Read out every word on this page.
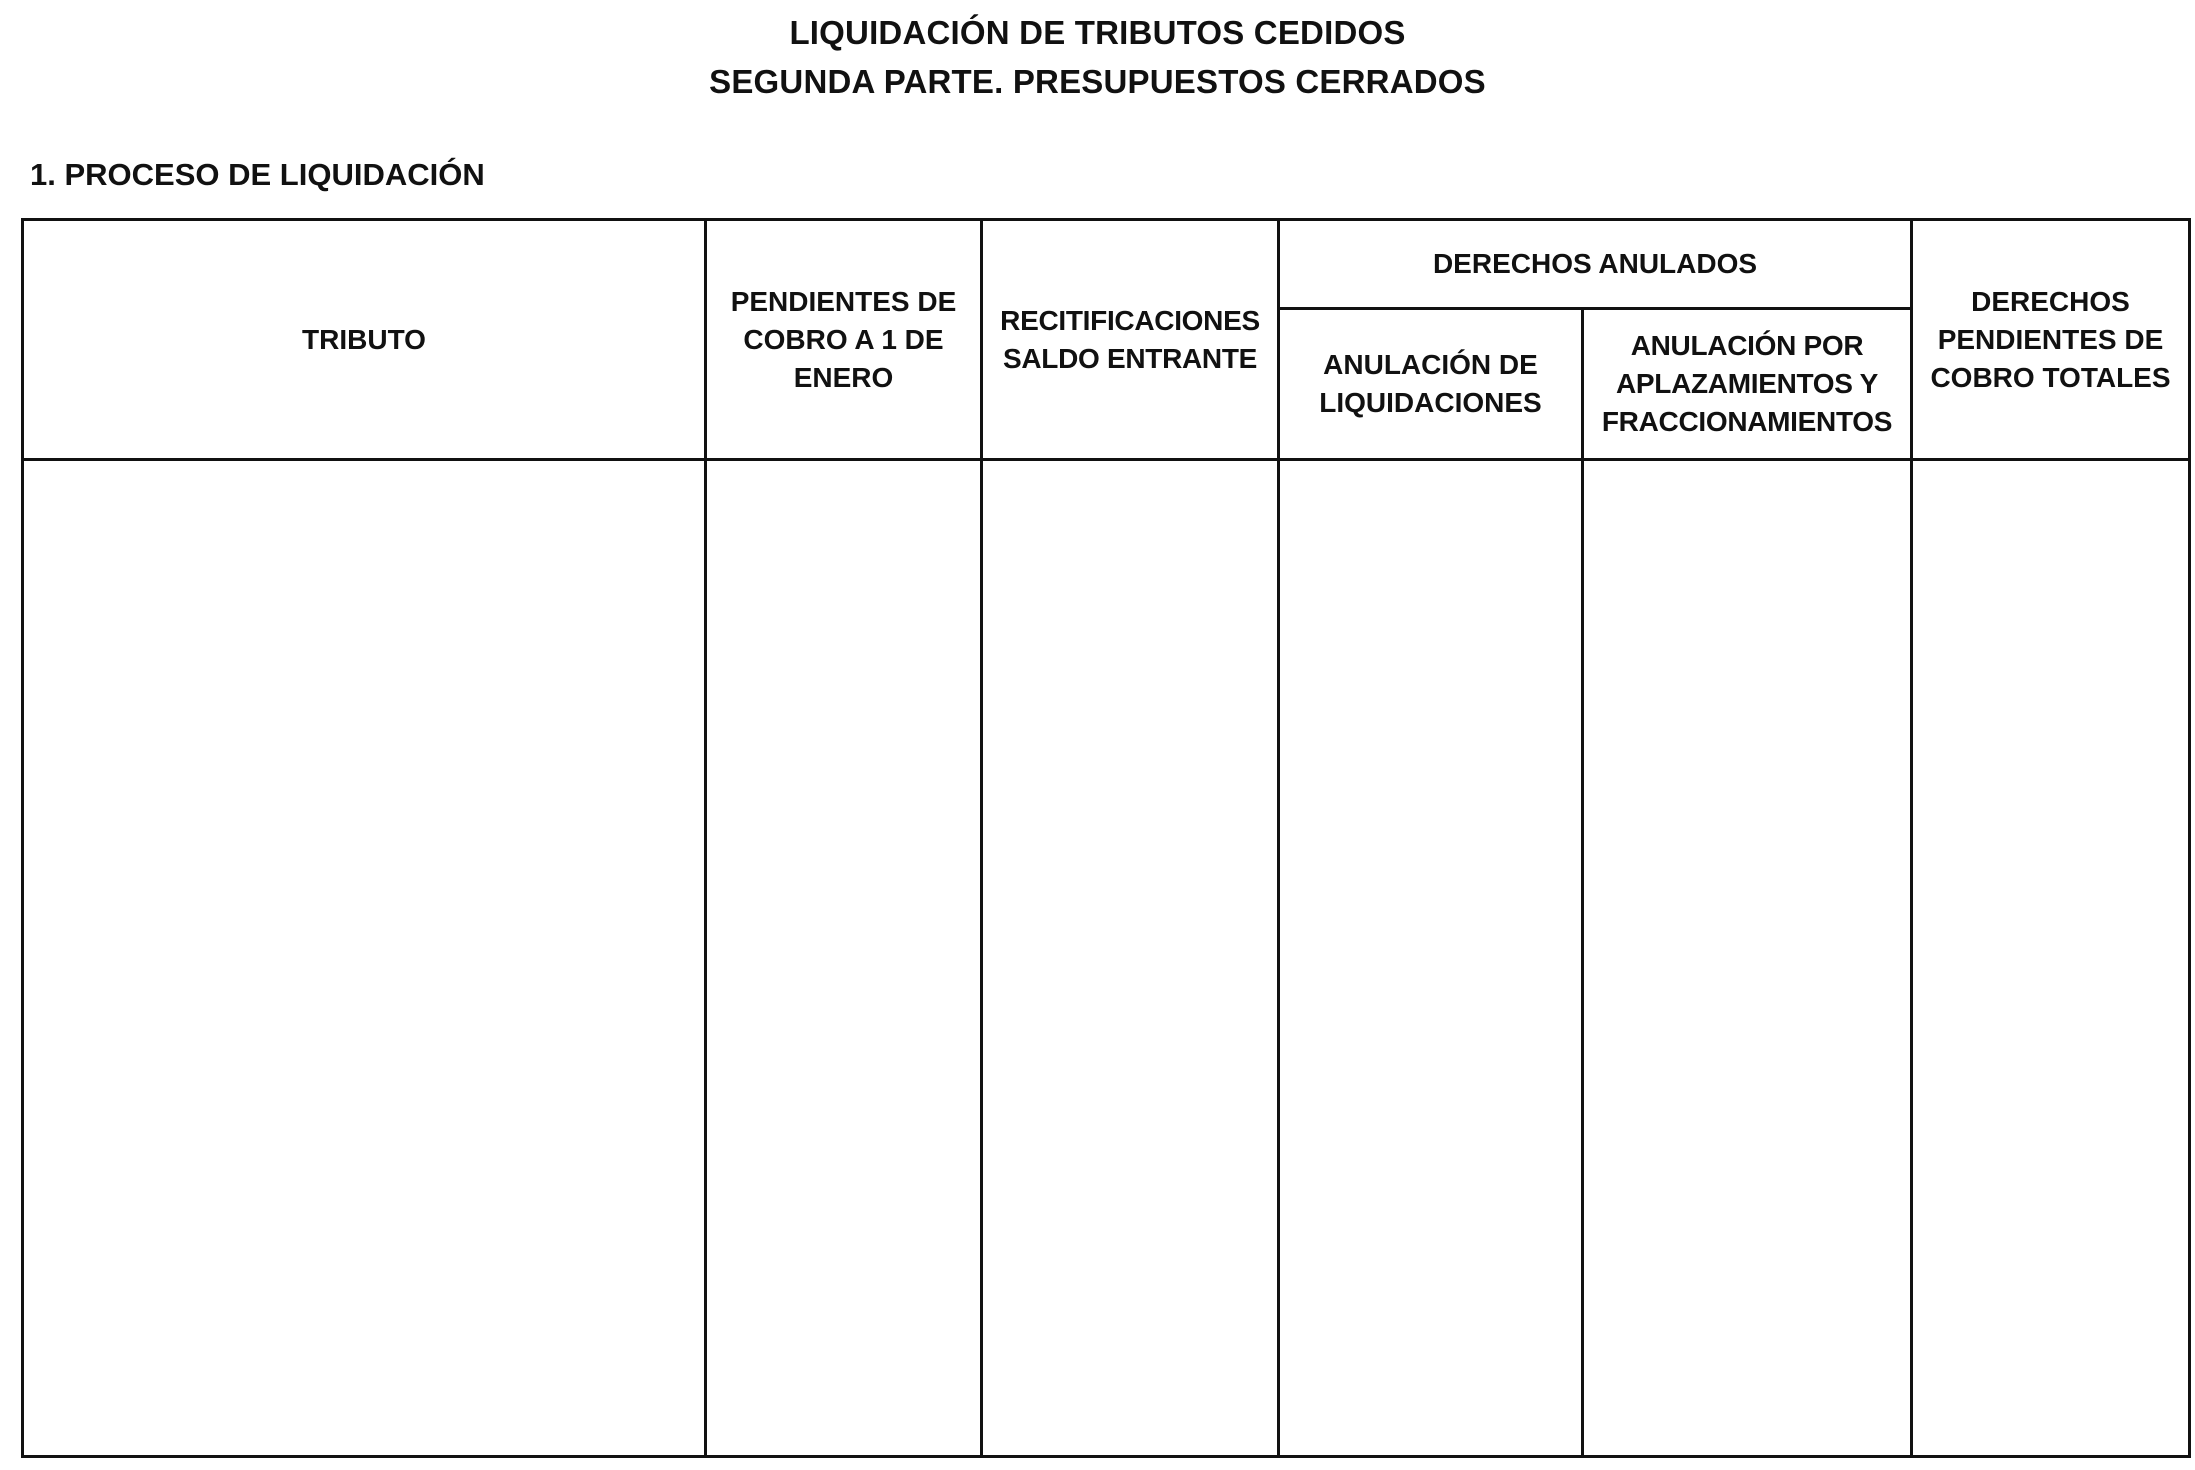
LIQUIDACIÓN DE TRIBUTOS CEDIDOS
SEGUNDA PARTE. PRESUPUESTOS CERRADOS
1. PROCESO DE LIQUIDACIÓN
TRIBUTO	PENDIENTES DE COBRO A 1 DE ENERO	RECITIFICACIONES SALDO ENTRANTE	DERECHOS ANULADOS		DERECHOS PENDIENTES DE COBRO TOTALES
			ANULACIÓN DE LIQUIDACIONES	ANULACIÓN POR APLAZAMIENTOS Y FRACCIONAMIENTOS	
